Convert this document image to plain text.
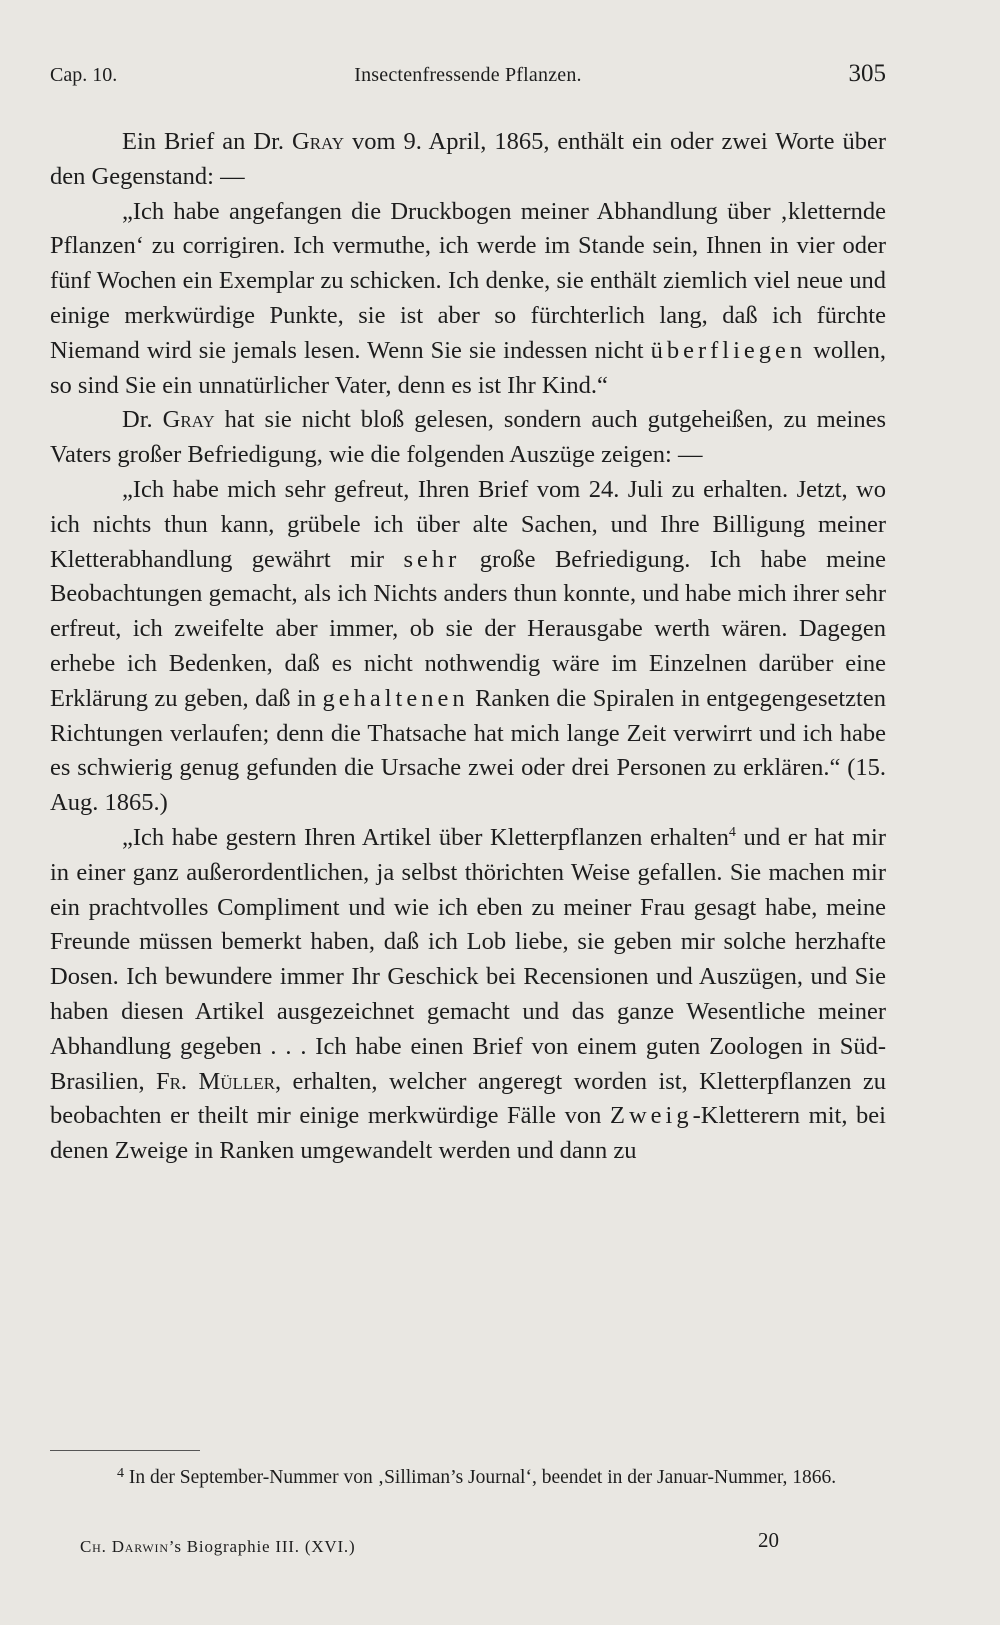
Cap. 10.	Insectenfressende Pflanzen.	305

Ein Brief an Dr. Gray vom 9. April, 1865, enthält ein oder zwei Worte über den Gegenstand: —

„Ich habe angefangen die Druckbogen meiner Abhandlung über ‚kletternde Pflanzen‘ zu corrigiren. Ich vermuthe, ich werde im Stande sein, Ihnen in vier oder fünf Wochen ein Exemplar zu schicken. Ich denke, sie enthält ziemlich viel neue und einige merkwürdige Punkte, sie ist aber so fürchterlich lang, daß ich fürchte Niemand wird sie jemals lesen. Wenn Sie sie indessen nicht überfliegen wollen, so sind Sie ein unnatürlicher Vater, denn es ist Ihr Kind.“

Dr. Gray hat sie nicht bloß gelesen, sondern auch gutgeheißen, zu meines Vaters großer Befriedigung, wie die folgenden Auszüge zeigen: —

„Ich habe mich sehr gefreut, Ihren Brief vom 24. Juli zu erhalten. Jetzt, wo ich nichts thun kann, grübele ich über alte Sachen, und Ihre Billigung meiner Kletterabhandlung gewährt mir sehr große Befriedigung. Ich habe meine Beobachtungen gemacht, als ich Nichts anders thun konnte, und habe mich ihrer sehr erfreut, ich zweifelte aber immer, ob sie der Herausgabe werth wären. Dagegen erhebe ich Bedenken, daß es nicht nothwendig wäre im Einzelnen darüber eine Erklärung zu geben, daß in gehaltenen Ranken die Spiralen in entgegengesetzten Richtungen verlaufen; denn die Thatsache hat mich lange Zeit verwirrt und ich habe es schwierig genug gefunden die Ursache zwei oder drei Personen zu erklären.“ (15. Aug. 1865.)

„Ich habe gestern Ihren Artikel über Kletterpflanzen erhalten$^4$ und er hat mir in einer ganz außerordentlichen, ja selbst thörichten Weise gefallen. Sie machen mir ein prachtvolles Compliment und wie ich eben zu meiner Frau gesagt habe, meine Freunde müssen bemerkt haben, daß ich Lob liebe, sie geben mir solche herzhafte Dosen. Ich bewundere immer Ihr Geschick bei Recensionen und Auszügen, und Sie haben diesen Artikel ausgezeichnet gemacht und das ganze Wesentliche meiner Abhandlung gegeben . . . Ich habe einen Brief von einem guten Zoologen in Süd-Brasilien, Fr. Müller, erhalten, welcher angeregt worden ist, Kletterpflanzen zu beobachten er theilt mir einige merkwürdige Fälle von Zweig-Kletterern mit, bei denen Zweige in Ranken umgewandelt werden und dann zu

$^4$ In der September-Nummer von ‚Silliman’s Journal‘, beendet in der Januar-Nummer, 1866.

Ch. Darwin’s Biographie III. (XVI.)	20
